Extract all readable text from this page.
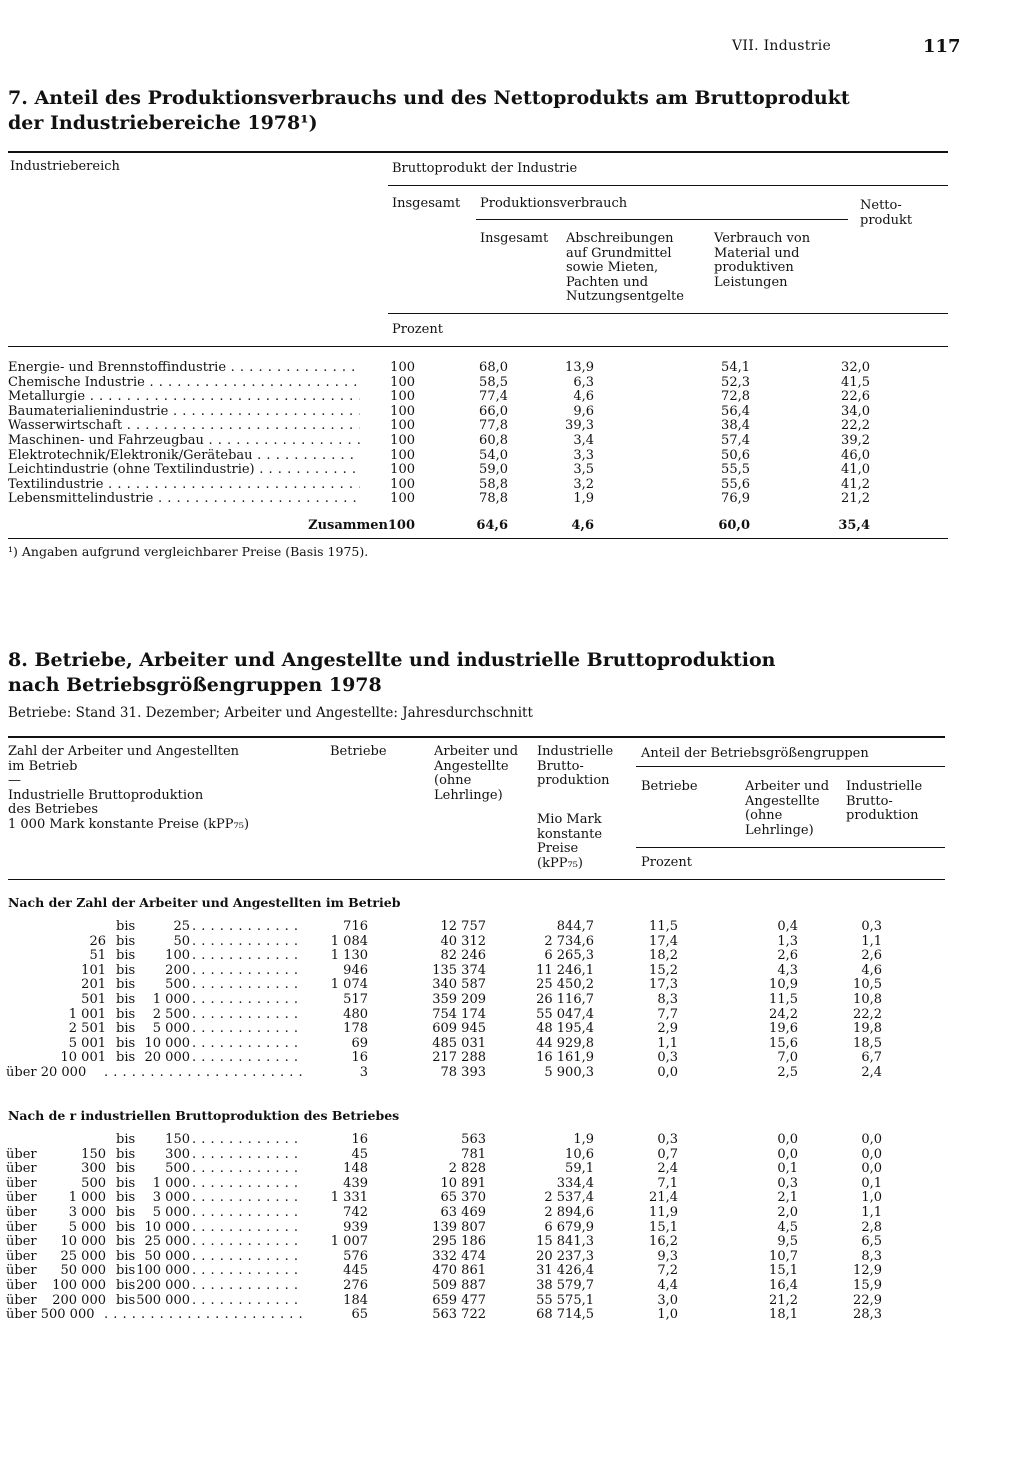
VII. Industrie	117
7. Anteil des Produktionsverbrauchs und des Nettoprodukts am Bruttoprodukt
der Industriebereiche 1978¹)
Industriebereich	Bruttoprodukt der Industrie
Insgesamt Produktionsverbrauch	Netto-
produkt
Insgesamt Abschreibungen
auf Grundmittel
sowie Mieten,
Pachten und
Nutzungsentgelte
Verbrauch von
Material und
produktiven
Leistungen
Prozent
Energie- und Brennstoffindustrie . . .	100	68,0	13,9	54,1	32,0
Chemische Industrie . . .	100	58,5	6,3	52,3	41,5
Metallurgie . . .	100	77,4	4,6	72,8	22,6
Baumaterialienindustrie . . .	100	66,0	9,6	56,4	34,0
Wasserwirtschaft . . .	100	77,8	39,3	38,4	22,2
Maschinen- und Fahrzeugbau . . .	100	60,8	3,4	57,4	39,2
Elektrotechnik/Elektronik/Gerätebau . . .	100	54,0	3,3	50,6	46,0
Leichtindustrie (ohne Textilindustrie) . . .	100	59,0	3,5	55,5	41,0
Textilindustrie . . .	100	58,8	3,2	55,6	41,2
Lebensmittelindustrie . . .	100	78,8	1,9	76,9	21,2
Zusammen 100	64,6	4,6	60,0	35,4
¹) Angaben aufgrund vergleichbarer Preise (Basis 1975).
8. Betriebe, Arbeiter und Angestellte und industrielle Bruttoproduktion
nach Betriebsgrößengruppen 1978
Betriebe: Stand 31. Dezember; Arbeiter und Angestellte: Jahresdurchschnitt
Zahl der Arbeiter und Angestellten
im Betrieb
—
Industrielle Bruttoproduktion
des Betriebes
1 000 Mark konstante Preise (kPP₇₅)
Betriebe	Arbeiter und
Angestellte
(ohne
Lehrlinge)
Industrielle
Brutto-
produktion
Mio Mark
konstante
Preise
(kPP₇₅)
Anteil der Betriebsgrößengruppen
Betriebe	Arbeiter und
Angestellte
(ohne
Lehrlinge)
Industrielle
Brutto-
produktion
Prozent
Nach der Zahl der Arbeiter und Angestellten im Betrieb
bis	25 . . .	716	12 757	844,7	11,5	0,4	0,3
26 bis	50 . . .	1 084	40 312	2 734,6	17,4	1,3	1,1
51 bis	100 . . .	1 130	82 246	6 265,3	18,2	2,6	2,6
101 bis	200 . . .	946	135 374	11 246,1	15,2	4,3	4,6
201 bis	500 . . .	1 074	340 587	25 450,2	17,3	10,9	10,5
501 bis	1 000 . . .	517	359 209	26 116,7	8,3	11,5	10,8
1 001 bis	2 500 . . .	480	754 174	55 047,4	7,7	24,2	22,2
2 501 bis	5 000 . . .	178	609 945	48 195,4	2,9	19,6	19,8
5 001 bis 10 000 . . .	69	485 031	44 929,8	1,1	15,6	18,5
10 001 bis 20 000 . . .	16	217 288	16 161,9	0,3	7,0	6,7
über 20 000 . . .	3	78 393	5 900,3	0,0	2,5	2,4
Nach de r industriellen Bruttoproduktion des Betriebes
bis	150 . . .	16	563	1,9	0,3	0,0	0,0
über	150 bis	300 . . .	45	781	10,6	0,7	0,0	0,0
über	300 bis	500 . . .	148	2 828	59,1	2,4	0,1	0,0
über	500 bis	1 000 . . .	439	10 891	334,4	7,1	0,3	0,1
über	1 000 bis	3 000 . . .	1 331	65 370	2 537,4	21,4	2,1	1,0
über	3 000 bis	5 000 . . .	742	63 469	2 894,6	11,9	2,0	1,1
über	5 000 bis 10 000 . . .	939	139 807	6 679,9	15,1	4,5	2,8
über	10 000 bis 25 000 . . .	1 007	295 186	15 841,3	16,2	9,5	6,5
über	25 000 bis 50 000 . . .	576	332 474	20 237,3	9,3	10,7	8,3
über	50 000 bis 100 000 . . .	445	470 861	31 426,4	7,2	15,1	12,9
über	100 000 bis 200 000 . . .	276	509 887	38 579,7	4,4	16,4	15,9
über	200 000 bis 500 000 . . .	184	659 477	55 575,1	3,0	21,2	22,9
über 500 000 . . .	65	563 722	68 714,5	1,0	18,1	28,3
